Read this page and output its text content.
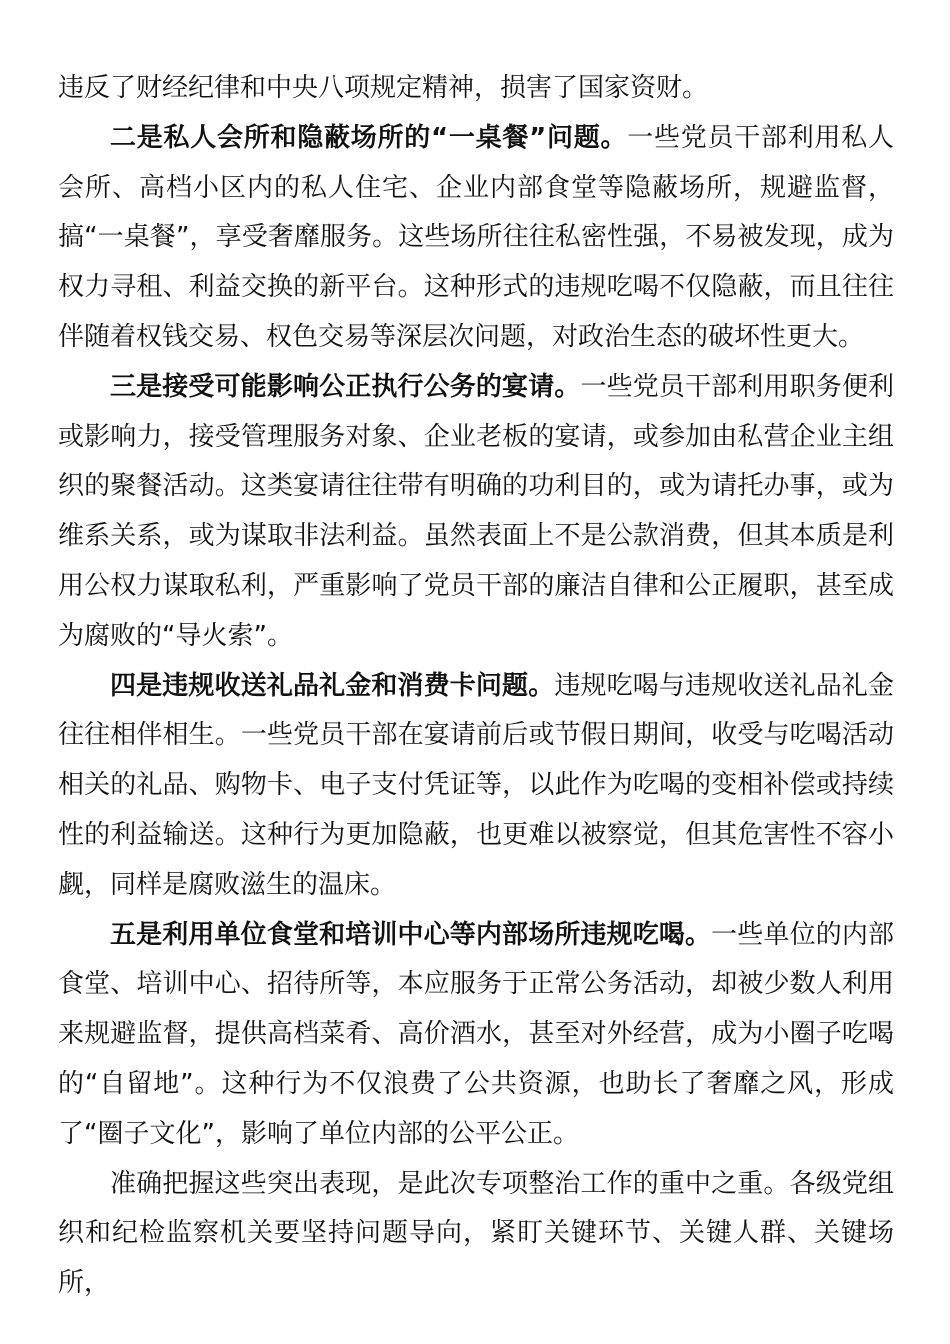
违反了财经纪律和中央八项规定精神，损害了国家资财。

二是私人会所和隐蔽场所的“一桌餐”问题。一些党员干部利用私人会所、高档小区内的私人住宅、企业内部食堂等隐蔽场所，规避监督，搞“一桌餐”，享受奢靡服务。这些场所往往私密性强，不易被发现，成为权力寻租、利益交换的新平台。这种形式的违规吃喝不仅隐蔽，而且往往伴随着权钱交易、权色交易等深层次问题，对政治生态的破坏性更大。

三是接受可能影响公正执行公务的宴请。一些党员干部利用职务便利或影响力，接受管理服务对象、企业老板的宴请，或参加由私营企业主组织的聚餐活动。这类宴请往往带有明确的功利目的，或为请托办事，或为维系关系，或为谋取非法利益。虽然表面上不是公款消费，但其本质是利用公权力谋取私利，严重影响了党员干部的廉洁自律和公正履职，甚至成为腐败的“导火索”。

四是违规收送礼品礼金和消费卡问题。违规吃喝与违规收送礼品礼金往往相伴相生。一些党员干部在宴请前后或节假日期间，收受与吃喝活动相关的礼品、购物卡、电子支付凭证等，以此作为吃喝的变相补偿或持续性的利益输送。这种行为更加隐蔽，也更难以被察觉，但其危害性不容小觑，同样是腐败滋生的温床。

五是利用单位食堂和培训中心等内部场所违规吃喝。一些单位的内部食堂、培训中心、招待所等，本应服务于正常公务活动，却被少数人利用来规避监督，提供高档菜肴、高价酒水，甚至对外经营，成为小圈子吃喝的“自留地”。这种行为不仅浪费了公共资源，也助长了奢靡之风，形成了“圈子文化”，影响了单位内部的公平公正。

准确把握这些突出表现，是此次专项整治工作的重中之重。各级党组织和纪检监察机关要坚持问题导向，紧盯关键环节、关键人群、关键场所，
